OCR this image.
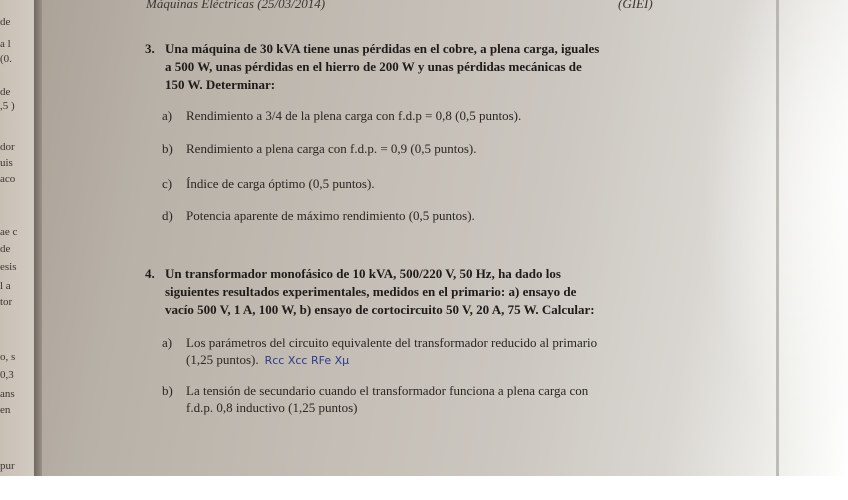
de
a l
(0.
de
,5 )
dor
uis
aco
ae c
de
esis
l a
tor
o, s
0,3
ans
en
pur
Máquinas Eléctricas (25/03/2014)	(GIEI)
3. Una máquina de 30 kVA tiene unas pérdidas en el cobre, a plena carga, iguales
a 500 W, unas pérdidas en el hierro de 200 W y unas pérdidas mecánicas de
150 W. Determinar:
a) Rendimiento a 3/4 de la plena carga con f.d.p = 0,8 (0,5 puntos).
b) Rendimiento a plena carga con f.d.p. = 0,9 (0,5 puntos).
c) Índice de carga óptimo (0,5 puntos).
d) Potencia aparente de máximo rendimiento (0,5 puntos).
4. Un transformador monofásico de 10 kVA, 500/220 V, 50 Hz, ha dado los
siguientes resultados experimentales, medidos en el primario: a) ensayo de
vacío 500 V, 1 A, 100 W, b) ensayo de cortocircuito 50 V, 20 A, 75 W. Calcular:
a) Los parámetros del circuito equivalente del transformador reducido al primario
(1,25 puntos). Rcc Xcc RFe Xμ
b) La tensión de secundario cuando el transformador funciona a plena carga con
f.d.p. 0,8 inductivo (1,25 puntos)
